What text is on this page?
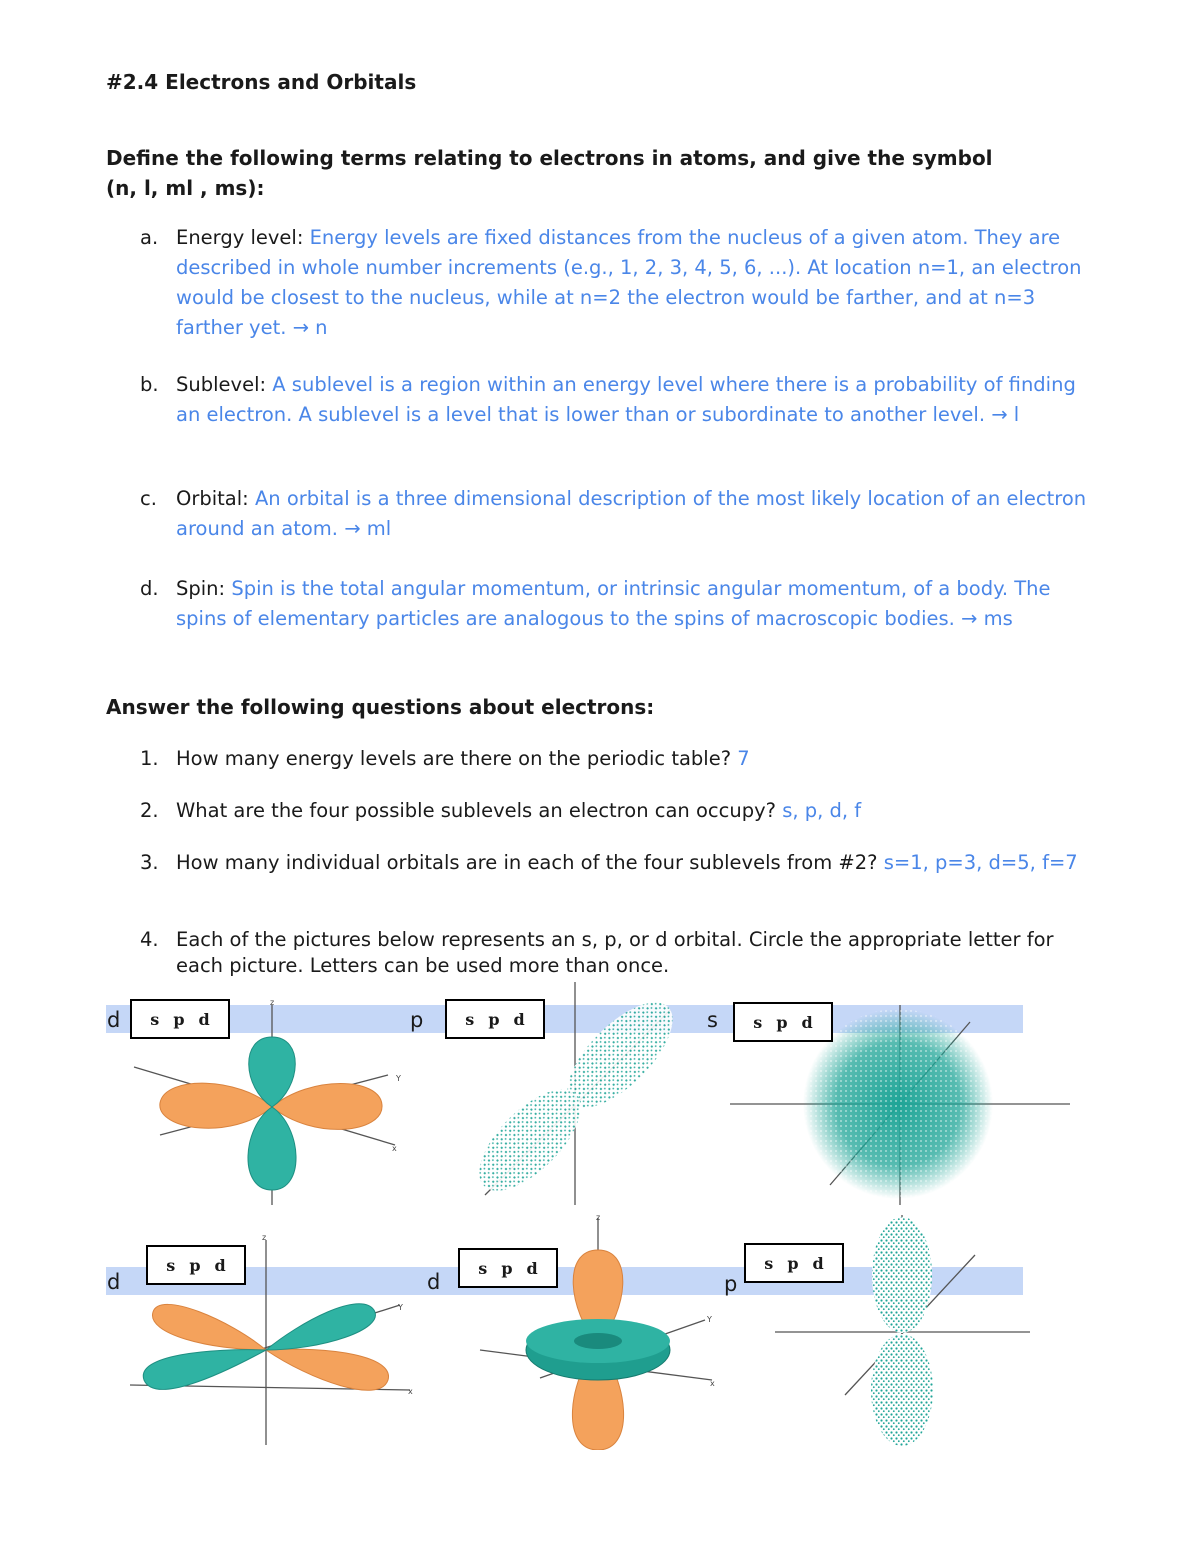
#2.4 Electrons and Orbitals
Define the following terms relating to electrons in atoms, and give the symbol
(n, l, ml , ms):
a. Energy level: Energy levels are fixed distances from the nucleus of a given atom. They are described in whole number increments (e.g., 1, 2, 3, 4, 5, 6, ...). At location n=1, an electron would be closest to the nucleus, while at n=2 the electron would be farther, and at n=3 farther yet. → n
b. Sublevel: A sublevel is a region within an energy level where there is a probability of finding an electron. A sublevel is a level that is lower than or subordinate to another level. → l
c. Orbital: An orbital is a three dimensional description of the most likely location of an electron around an atom. → ml
d. Spin: Spin is the total angular momentum, or intrinsic angular momentum, of a body. The spins of elementary particles are analogous to the spins of macroscopic bodies. → ms
Answer the following questions about electrons:
1. How many energy levels are there on the periodic table? 7
2. What are the four possible sublevels an electron can occupy? s, p, d, f
3. How many individual orbitals are in each of the four sublevels from #2? s=1, p=3, d=5, f=7
4. Each of the pictures below represents an s, p, or d orbital. Circle the appropriate letter for each picture. Letters can be used more than once.
z
Y
x
z
Y
x
z
Y
x
d	p	s
d	d	p
s p d	s p d	s p d
s p d	s p d	s p d
